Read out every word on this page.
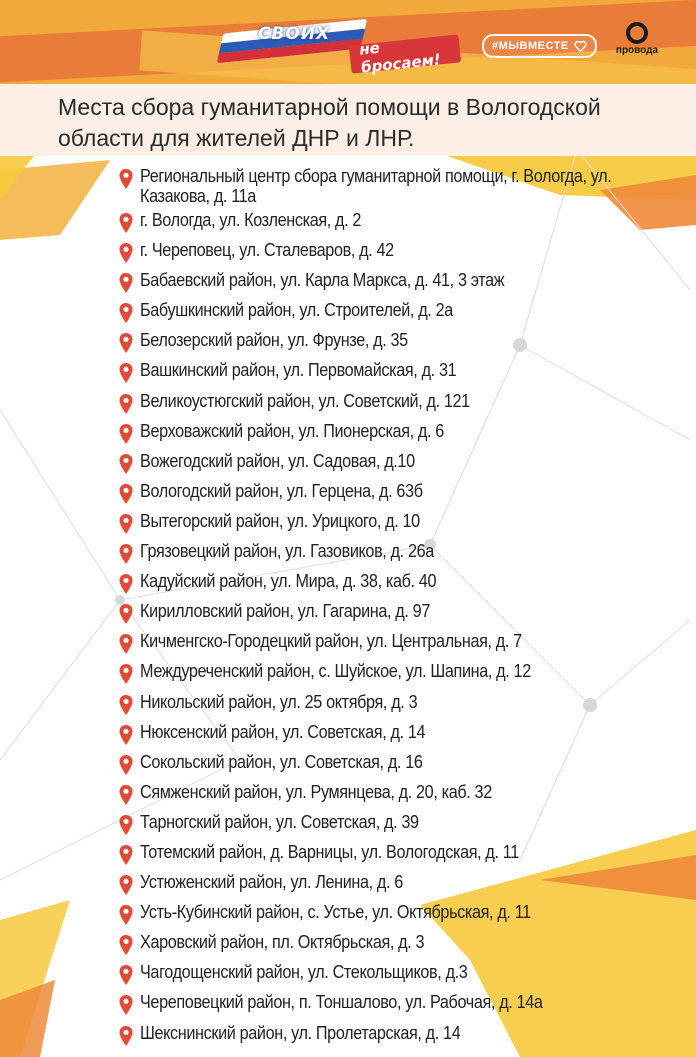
СВОИХ
не бросаем!
#МЫВМЕСТЕ	провода
Места сбора гуманитарной помощи в Вологодской области для жителей ДНР и ЛНР.
Региональный центр сбора гуманитарной помощи, г. Вологда, ул. Казакова, д. 11а
г. Вологда, ул. Козленская, д. 2
г. Череповец, ул. Сталеваров, д. 42
Бабаевский район, ул. Карла Маркса, д. 41, 3 этаж
Бабушкинский район, ул. Строителей, д. 2а
Белозерский район, ул. Фрунзе, д. 35
Вашкинский район, ул. Первомайская, д. 31
Великоустюгский район, ул. Советский, д. 121
Верховажский район, ул. Пионерская, д. 6
Вожегодский район, ул. Садовая, д.10
Вологодский район, ул. Герцена, д. 63б
Вытегорский район, ул. Урицкого, д. 10
Грязовецкий район, ул. Газовиков, д. 26а
Кадуйский район, ул. Мира, д. 38, каб. 40
Кирилловский район, ул. Гагарина, д. 97
Кичменгско-Городецкий район, ул. Центральная, д. 7
Междуреченский район, с. Шуйское, ул. Шапина, д. 12
Никольский район, ул. 25 октября, д. 3
Нюксенский район, ул. Советская, д. 14
Сокольский район, ул. Советская, д. 16
Сямженский район, ул. Румянцева, д. 20, каб. 32
Тарногский район, ул. Советская, д. 39
Тотемский район, д. Варницы, ул. Вологодская, д. 11
Устюженский район, ул. Ленина, д. 6
Усть-Кубинский район, с. Устье, ул. Октябрьская, д. 11
Харовский район, пл. Октябрьская, д. 3
Чагодощенский район, ул. Стекольщиков, д.3
Череповецкий район, п. Тоншалово, ул. Рабочая, д. 14а
Шекснинский район, ул. Пролетарская, д. 14
